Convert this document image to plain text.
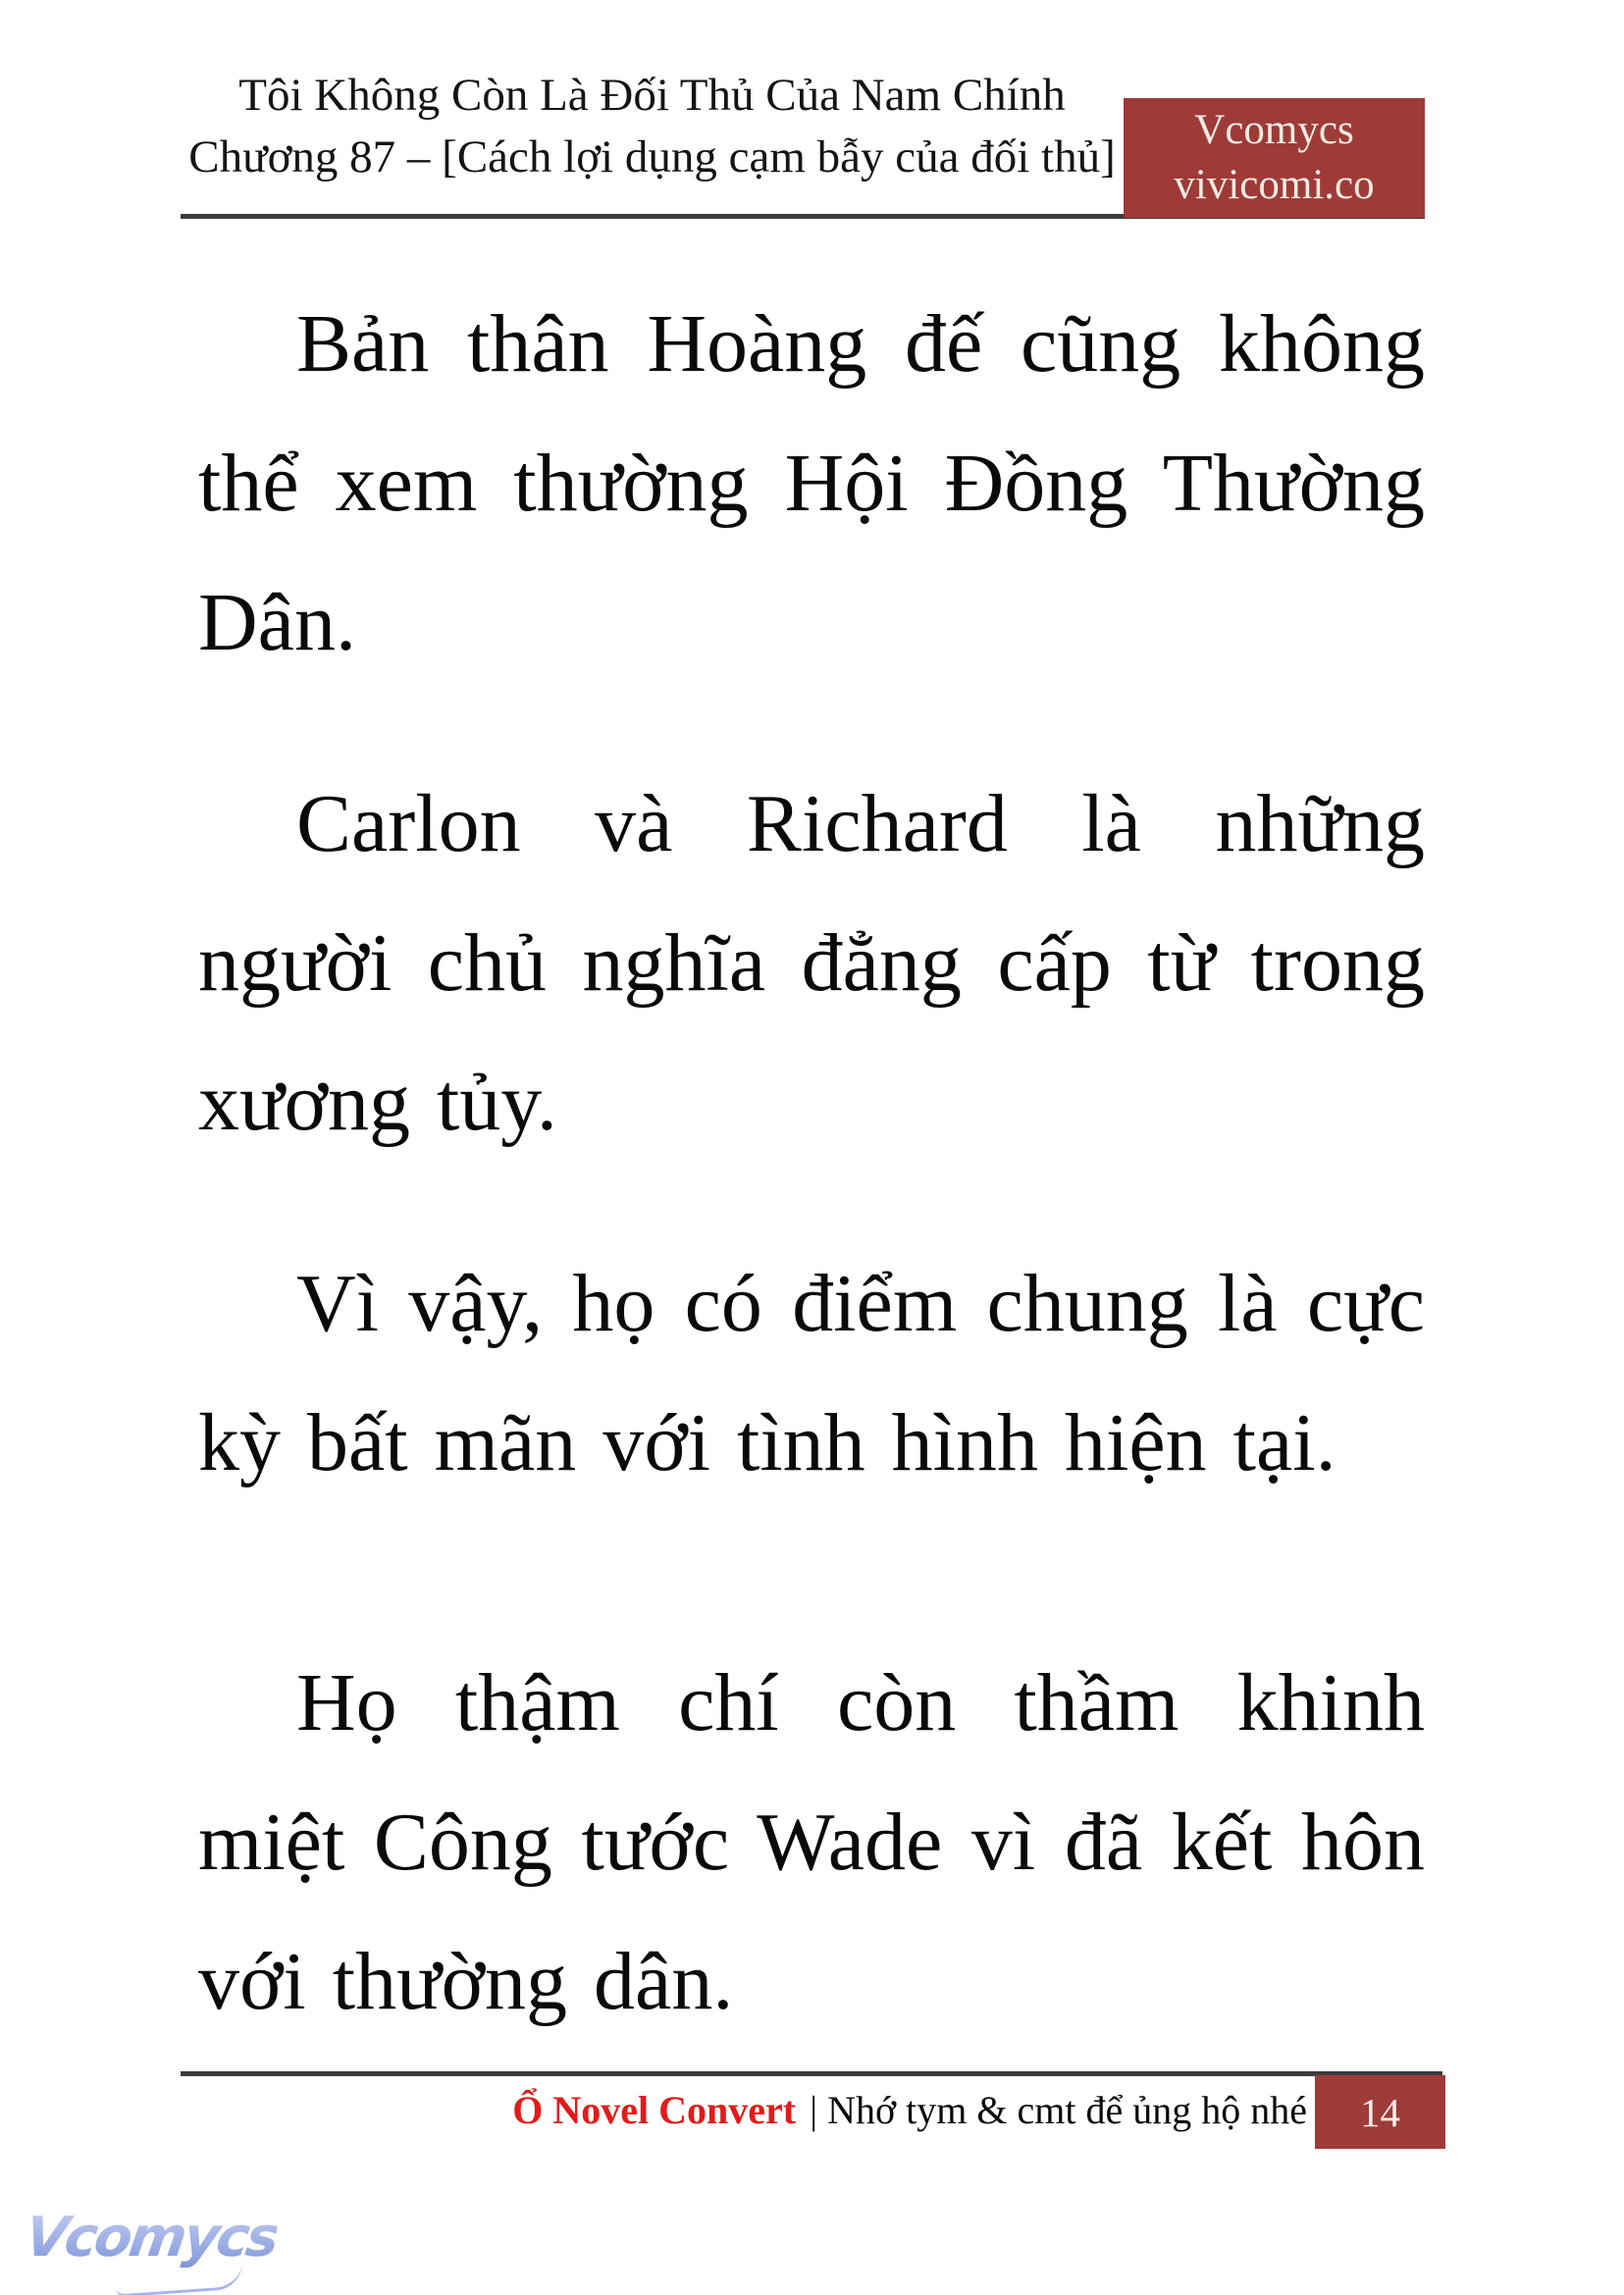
Tôi Không Còn Là Đối Thủ Của Nam Chính
Chương 87 – [Cách lợi dụng cạm bẫy của đối thủ]
Vcomycs
vivicomi.co

Bản thân Hoàng đế cũng không thể xem thường Hội Đồng Thường Dân.

Carlon và Richard là những người chủ nghĩa đẳng cấp từ trong xương tủy.

Vì vậy, họ có điểm chung là cực kỳ bất mãn với tình hình hiện tại.

Họ thậm chí còn thầm khinh miệt Công tước Wade vì đã kết hôn với thường dân.

Ổ Novel Convert | Nhớ tym & cmt để ủng hộ nhé 14
Vcomycs
